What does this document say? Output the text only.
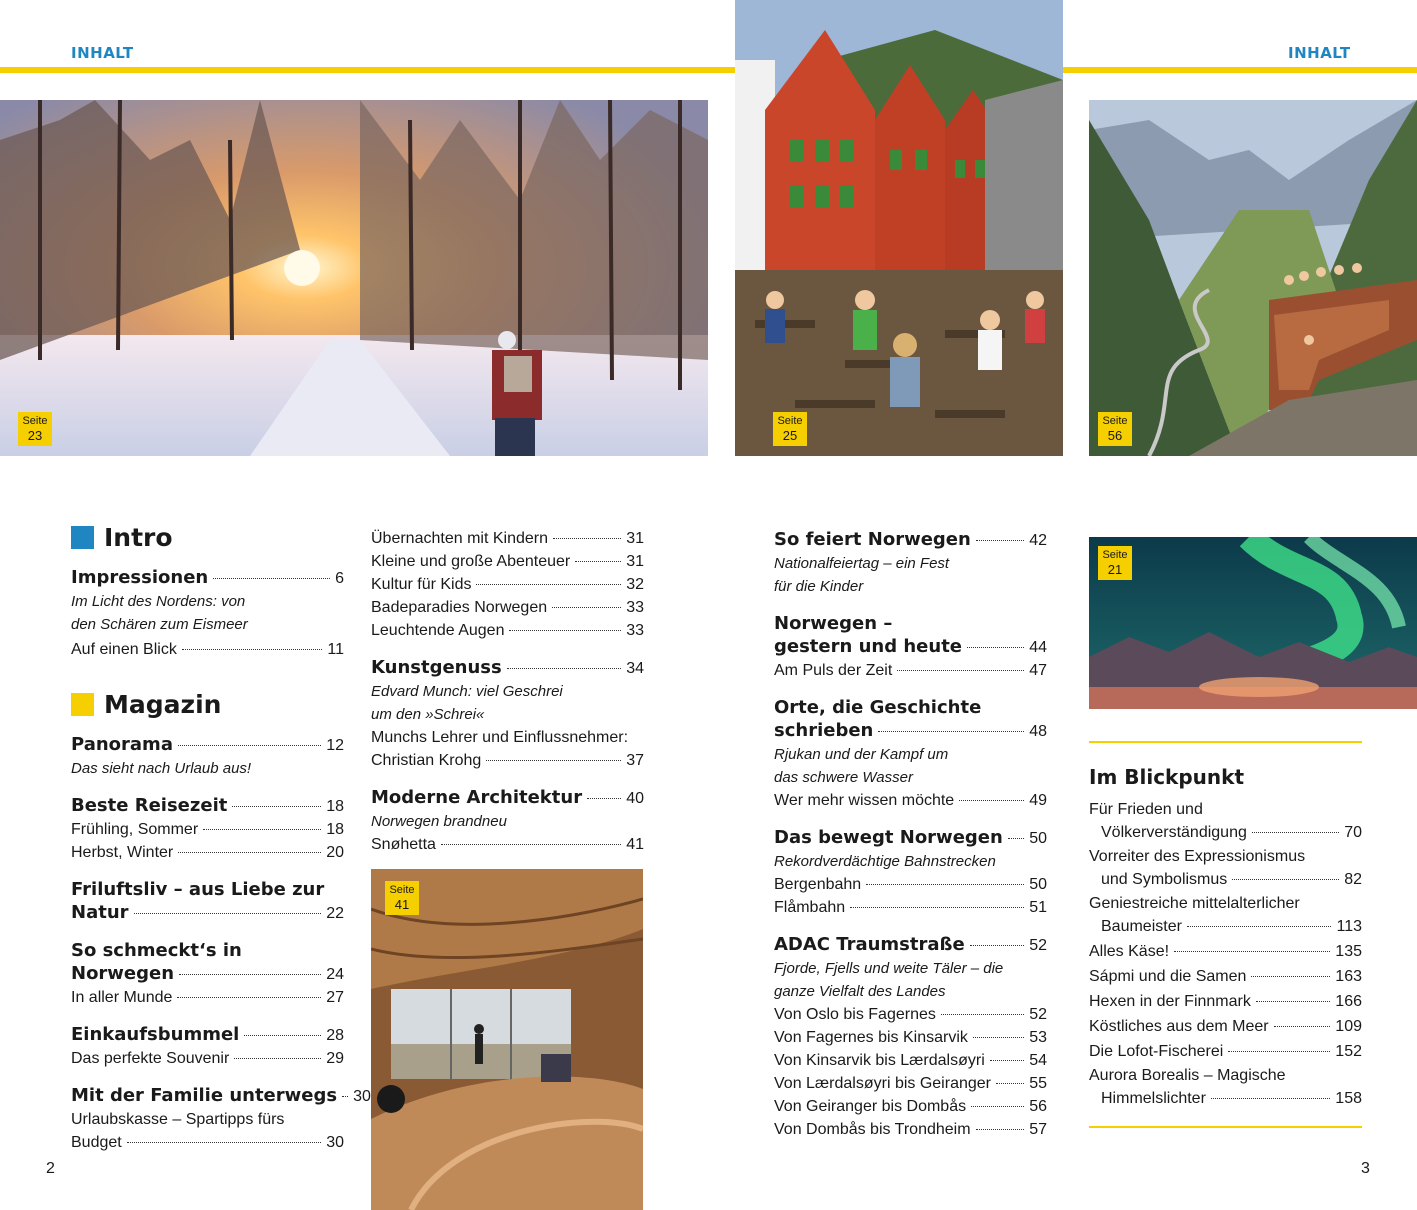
INHALT	INHALT
Seite
23
Seite
25
Seite
56
Intro
Impressionen	6
Im Licht des Nordens: von
den Schären zum Eismeer
Auf einen Blick	11
Magazin
Panorama	12
Das sieht nach Urlaub aus!
Beste Reisezeit	18
Frühling, Sommer	18
Herbst, Winter	20
Friluftsliv – aus Liebe zur
Natur	22
So schmeckt‘s in
Norwegen	24
In aller Munde	27
Einkaufsbummel	28
Das perfekte Souvenir	29
Mit der Familie unterwegs 30
Urlaubskasse – Spartipps fürs
Budget	30
Übernachten mit Kindern	31
Kleine und große Abenteuer	31
Kultur für Kids	32
Badeparadies Norwegen	33
Leuchtende Augen	33
Kunstgenuss	34
Edvard Munch: viel Geschrei
um den »Schrei«
Munchs Lehrer und Einflussnehmer:
Christian Krohg	37
Moderne Architektur	40
Norwegen brandneu
Snøhetta	41
Seite
41
So feiert Norwegen	42
Nationalfeiertag – ein Fest
für die Kinder
Norwegen –
gestern und heute	44
Am Puls der Zeit	47
Orte, die Geschichte
schrieben	48
Rjukan und der Kampf um
das schwere Wasser
Wer mehr wissen möchte	49
Das bewegt Norwegen 50
Rekordverdächtige Bahnstrecken
Bergenbahn	50
Flåmbahn	51
ADAC Traumstraße	52
Fjorde, Fjells und weite Täler – die
ganze Vielfalt des Landes
Von Oslo bis Fagernes	52
Von Fagernes bis Kinsarvik	53
Von Kinsarvik bis Lærdalsøyri	54
Von Lærdalsøyri bis Geiranger 55
Von Geiranger bis Dombås	56
Von Dombås bis Trondheim	57
Seite
21
Im Blickpunkt
Für Frieden und
Völkerverständigung	70
Vorreiter des Expressionismus
und Symbolismus	82
Geniestreiche mittelalterlicher
Baumeister	113
Alles Käse!	135
Sápmi und die Samen	163
Hexen in der Finnmark	166
Köstliches aus dem Meer	109
Die Lofot-Fischerei	152
Aurora Borealis – Magische
Himmelslichter	158
2	3
